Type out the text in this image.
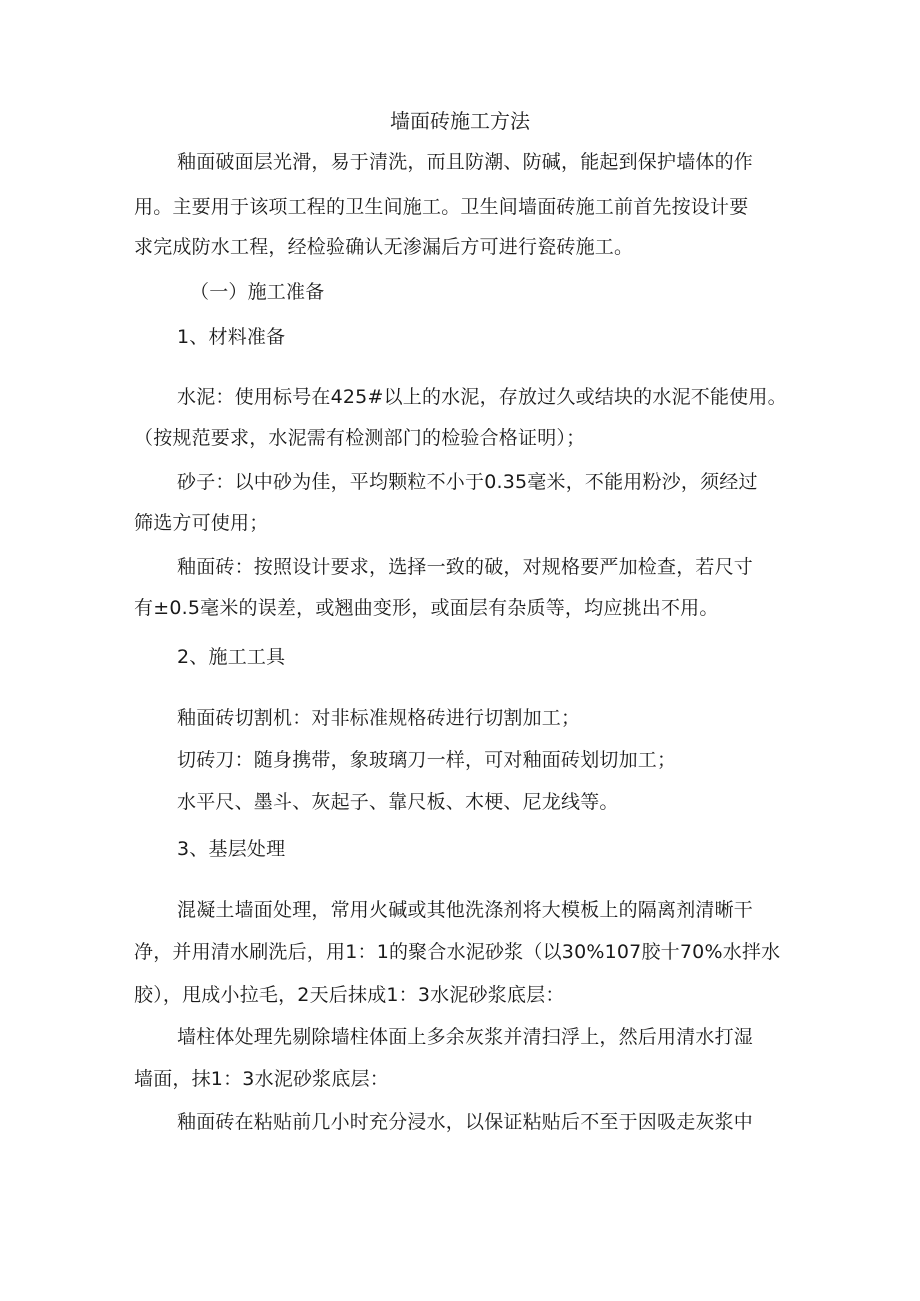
墙面砖施工方法

釉面破面层光滑，易于清洗，而且防潮、防碱，能起到保护墙体的作

用。主要用于该项工程的卫生间施工。卫生间墙面砖施工前首先按设计要

求完成防水工程，经检验确认无渗漏后方可进行瓷砖施工。

（一）施工准备

1、材料准备

水泥：使用标号在425#以上的水泥，存放过久或结块的水泥不能使用。

（按规范要求，水泥需有检测部门的检验合格证明）；

砂子：以中砂为佳，平均颗粒不小于0.35毫米，不能用粉沙，须经过

筛选方可使用；

釉面砖：按照设计要求，选择一致的破，对规格要严加检查，若尺寸

有±0.5毫米的误差，或翘曲变形，或面层有杂质等，均应挑出不用。

2、施工工具

釉面砖切割机：对非标准规格砖进行切割加工；

切砖刀：随身携带，象玻璃刀一样，可对釉面砖划切加工；

水平尺、墨斗、灰起子、靠尺板、木梗、尼龙线等。

3、基层处理

混凝土墙面处理，常用火碱或其他洗涤剂将大模板上的隔离剂清晰干

净，并用清水刷洗后，用1：1的聚合水泥砂浆（以30%107胶十70%水拌水

胶），甩成小拉毛，2天后抹成1：3水泥砂浆底层：

墙柱体处理先剔除墙柱体面上多余灰浆并清扫浮上，然后用清水打湿

墙面，抹1：3水泥砂浆底层：

釉面砖在粘贴前几小时充分浸水，以保证粘贴后不至于因吸走灰浆中
